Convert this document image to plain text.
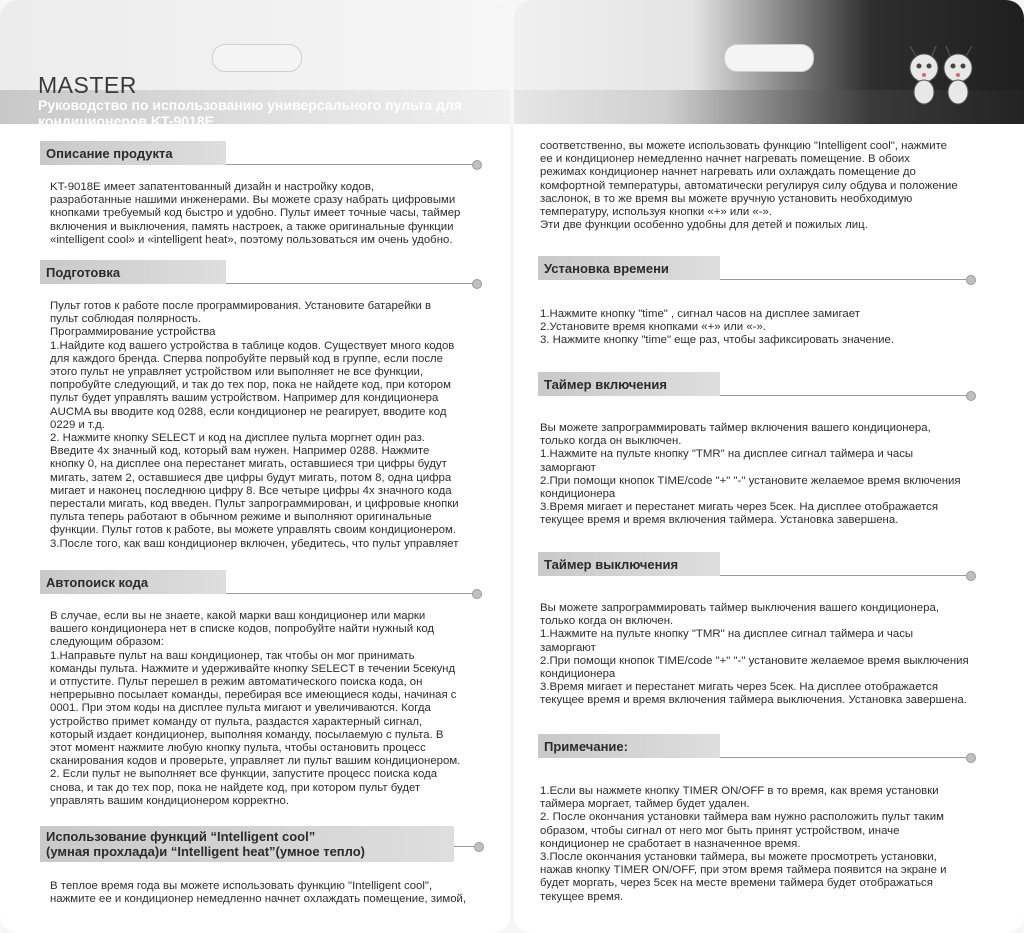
MASTER
Руководство по использованию универсального пульта для кондиционеров KT-9018E
Описание продукта
KT-9018E имеет запатентованный дизайн и настройку кодов,
разработанные нашими инженерами. Вы можете сразу набрать цифровыми
кнопками требуемый код быстро и удобно. Пульт имеет точные часы, таймер
включения и выключения, память настроек, а также оригинальные функции
«intelligent cool» и «intelligent heat», поэтому пользоваться им очень удобно.
Подготовка
Пульт готов к работе после программирования. Установите батарейки в
пульт соблюдая полярность.
Программирование устройства
1.Найдите код вашего устройства в таблице кодов. Существует много кодов
для каждого бренда. Сперва попробуйте первый код в группе, если после
этого пульт не управляет устройством или выполняет не все функции,
попробуйте следующий, и так до тех пор, пока не найдете код, при котором
пульт будет управлять вашим устройством. Например для кондиционера
AUCMA вы вводите код 0288, если кондиционер не реагирует, вводите код
0229 и т.д.
2. Нажмите кнопку SELECT и код на дисплее пульта моргнет один раз.
Введите 4х значный код, который вам нужен. Например 0288. Нажмите
кнопку 0, на дисплее она перестанет мигать, оставшиеся три цифры будут
мигать, затем 2, оставшиеся две цифры будут мигать, потом 8, одна цифра
мигает и наконец последнюю цифру 8. Все четыре цифры 4х значного кода
перестали мигать, код введен. Пульт запрограммирован, и цифровые кнопки
пульта теперь работают в обычном режиме и выполняют оригинальные
функции. Пульт готов к работе, вы можете управлять своим кондиционером.
3.После того, как ваш кондиционер включен, убедитесь, что пульт управляет
Автопоиск кода
В случае, если вы не знаете, какой марки ваш кондиционер или марки
вашего кондиционера нет в списке кодов, попробуйте найти нужный код
следующим образом:
1.Направьте пульт на ваш кондиционер, так чтобы он мог принимать
команды пульта. Нажмите и удерживайте кнопку SELECT в течении 5секунд
и отпустите. Пульт перешел в режим автоматического поиска кода, он
непрерывно посылает команды, перебирая все имеющиеся коды, начиная с
0001. При этом коды на дисплее пульта мигают и увеличиваются. Когда
устройство примет команду от пульта, раздастся характерный сигнал,
который издает кондиционер, выполняя команду, посылаемую с пульта. В
этот момент нажмите любую кнопку пульта, чтобы остановить процесс
сканирования кодов и проверьте, управляет ли пульт вашим кондиционером.
2. Если пульт не выполняет все функции, запустите процесс поиска кода
снова, и так до тех пор, пока не найдете код, при котором пульт будет
управлять вашим кондиционером корректно.
Использование функций “Intelligent cool”
(умная прохлада)и “Intelligent heat”(умное тепло)
В теплое время года вы можете использовать функцию "Intelligent cool",
нажмите ее и кондиционер немедленно начнет охлаждать помещение, зимой,
соответственно, вы можете использовать функцию "Intelligent cool", нажмите
ее и кондиционер немедленно начнет нагревать помещение. В обоих
режимах кондиционер начнет нагревать или охлаждать помещение до
комфортной температуры, автоматически регулируя силу обдува и положение
заслонок, в то же время вы можете вручную установить необходимую
температуру, используя кнопки «+» или «-».
Эти две функции особенно удобны для детей и пожилых лиц.
Установка времени
1.Нажмите кнопку "time" , сигнал часов на дисплее замигает
2.Установите время кнопками «+» или «-».
3. Нажмите кнопку "time" еще раз, чтобы зафиксировать значение.
Таймер включения
Вы можете запрограммировать таймер включения вашего кондиционера,
только когда он выключен.
1.Нажмите на пульте кнопку "TMR" на дисплее сигнал таймера и часы
заморгают
2.При помощи кнопок TIME/code "+" "-" установите желаемое время включения
кондиционера
3.Время мигает и перестанет мигать через 5сек. На дисплее отображается
текущее время и время включения таймера. Установка завершена.
Таймер выключения
Вы можете запрограммировать таймер выключения вашего кондиционера,
только когда он включен.
1.Нажмите на пульте кнопку "TMR" на дисплее сигнал таймера и часы
заморгают
2.При помощи кнопок TIME/code "+" "-" установите желаемое время выключения
кондиционера
3.Время мигает и перестанет мигать через 5сек. На дисплее отображается
текущее время и время включения таймера выключения. Установка завершена.
Примечание:
1.Если вы нажмете кнопку TIMER ON/OFF в то время, как время установки
таймера моргает, таймер будет удален.
2. После окончания установки таймера вам нужно расположить пульт таким
образом, чтобы сигнал от него мог быть принят устройством, иначе
кондиционер не сработает в назначенное время.
3.После окончания установки таймера, вы можете просмотреть установки,
нажав кнопку TIMER ON/OFF, при этом время таймера появится на экране и
будет моргать, через 5сек на месте времени таймера будет отображаться
текущее время.
